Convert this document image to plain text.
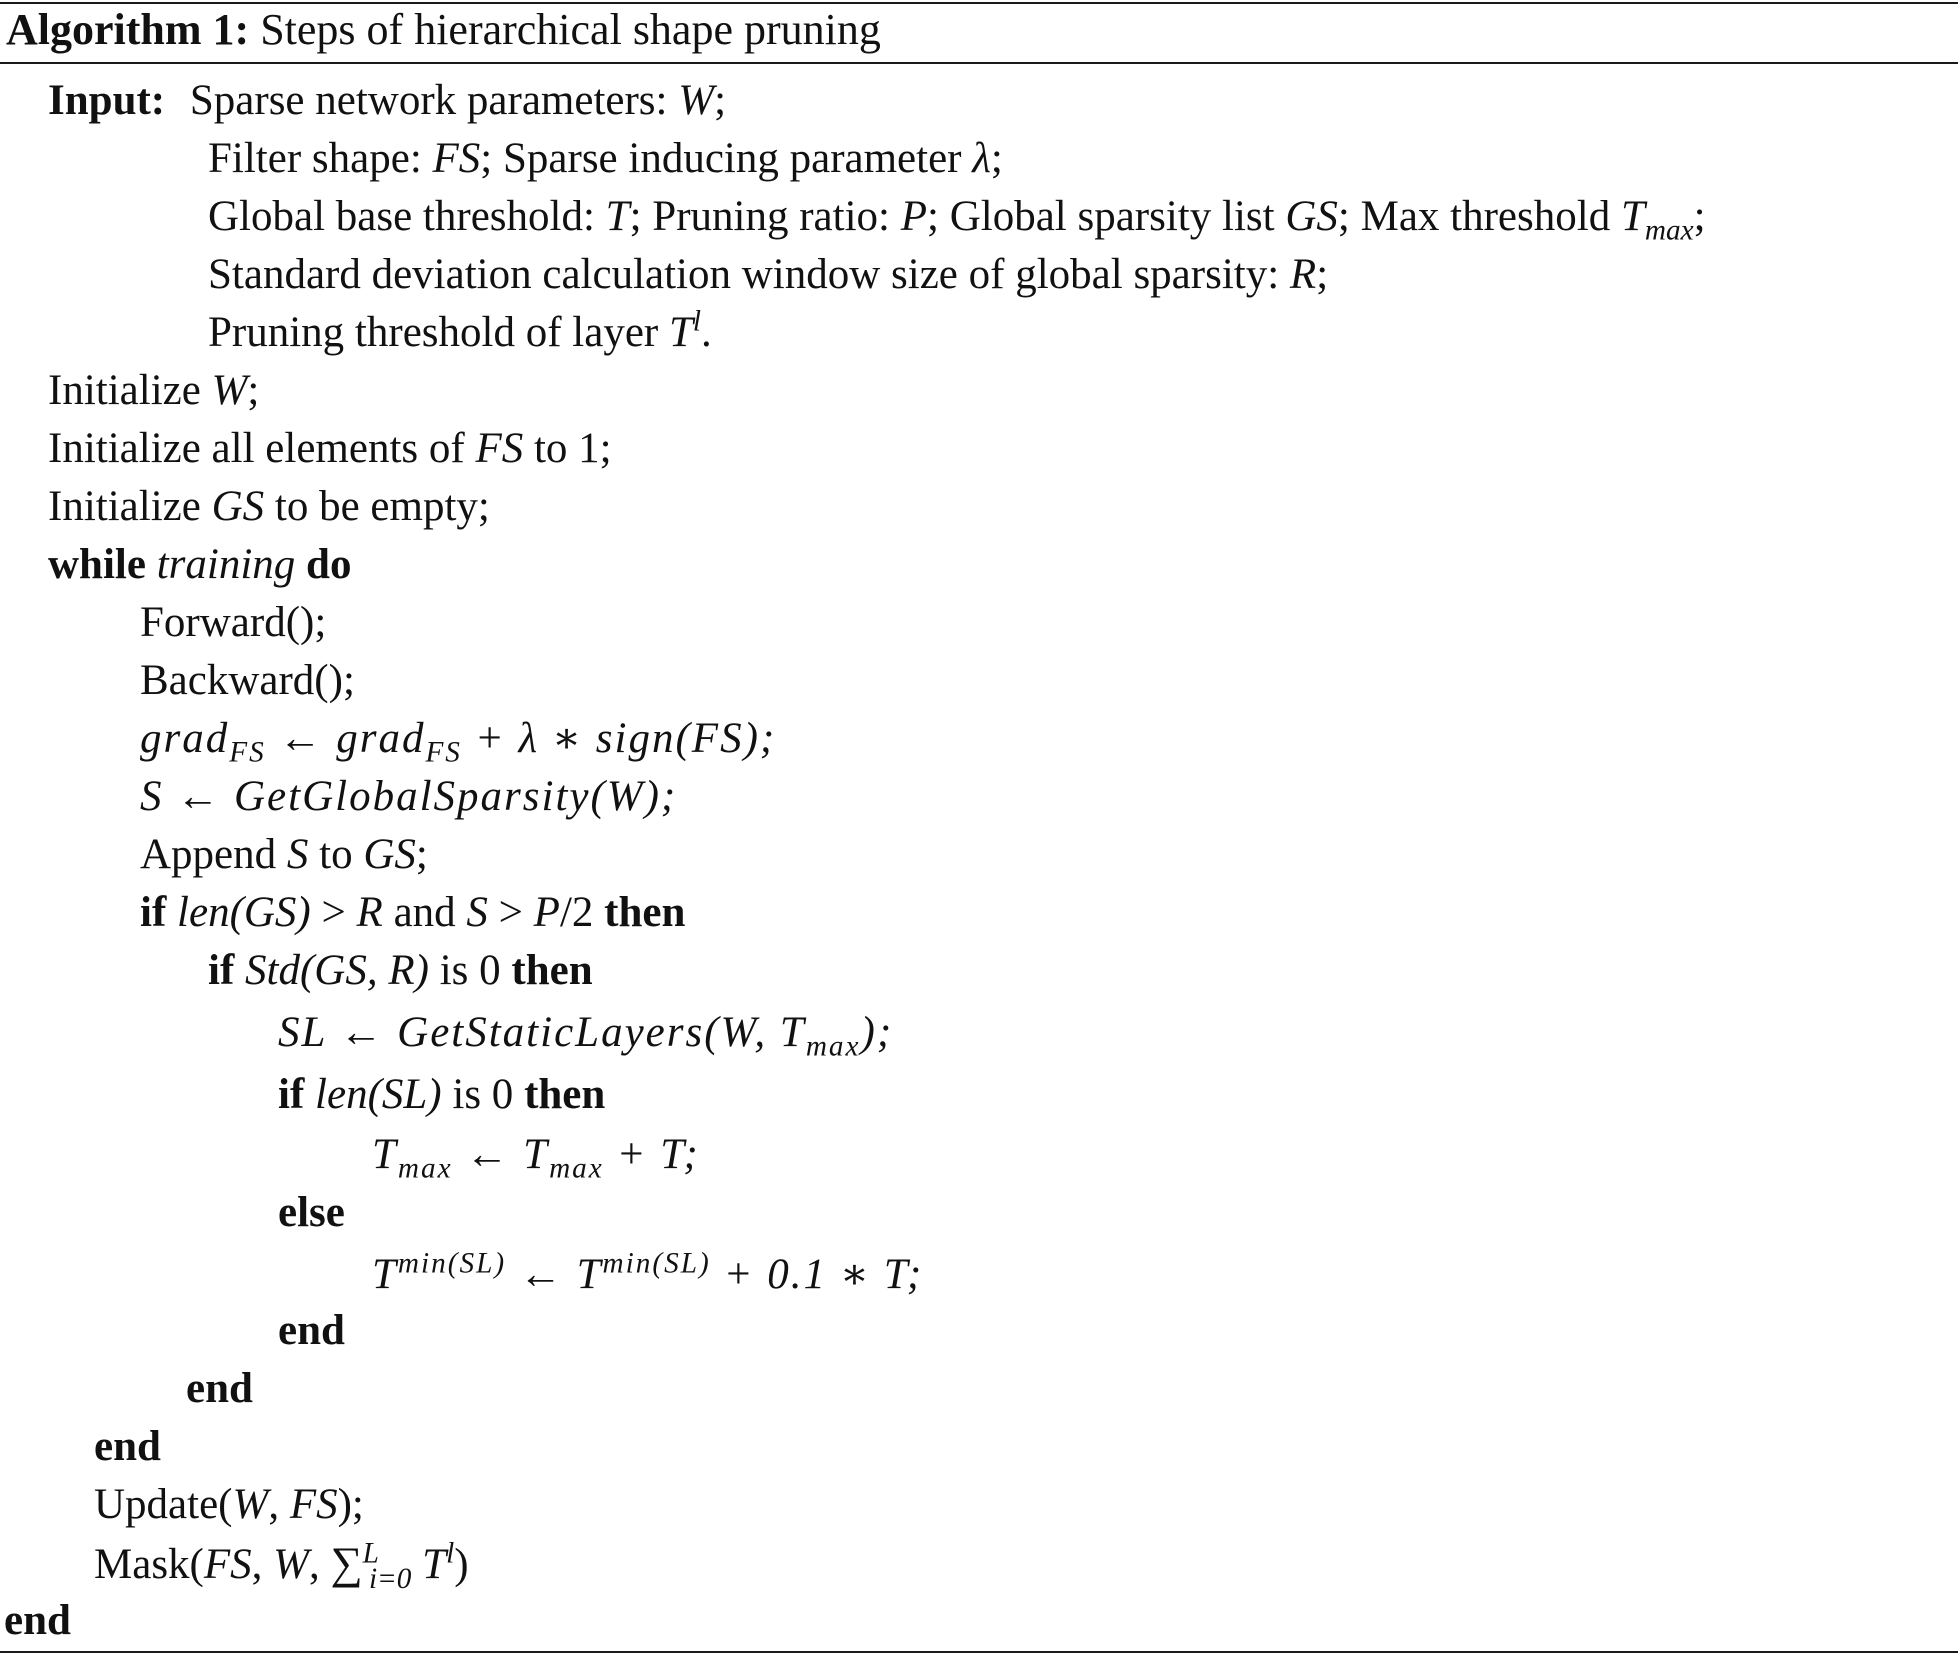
Algorithm 1: Steps of hierarchical shape pruning
Input: Sparse network parameters: W;
Filter shape: FS; Sparse inducing parameter λ;
Global base threshold: T; Pruning ratio: P; Global sparsity list GS; Max threshold $T_{max}$;
Standard deviation calculation window size of global sparsity: R;
Pruning threshold of layer $T^l$.
Initialize W;
Initialize all elements of FS to 1;
Initialize GS to be empty;
while training do
Forward();
Backward();
grad$_{FS}$ ← grad$_{FS}$ + λ ∗ sign(FS);
S ← GetGlobalSparsity(W);
Append S to GS;
if len(GS) > R and S > P/2 then
if Std(GS, R) is 0 then
SL ← GetStaticLayers(W, $T_{max}$);
if len(SL) is 0 then
$T_{max}$ ← $T_{max} + T$;
else
$T^{min(SL)}$ ← $T^{min(SL)} + 0.1$ ∗ T;
end
end
end
Update(W, FS);
Mask(FS, W, ∑$^L_{i=0}$ $T^l$)
end
